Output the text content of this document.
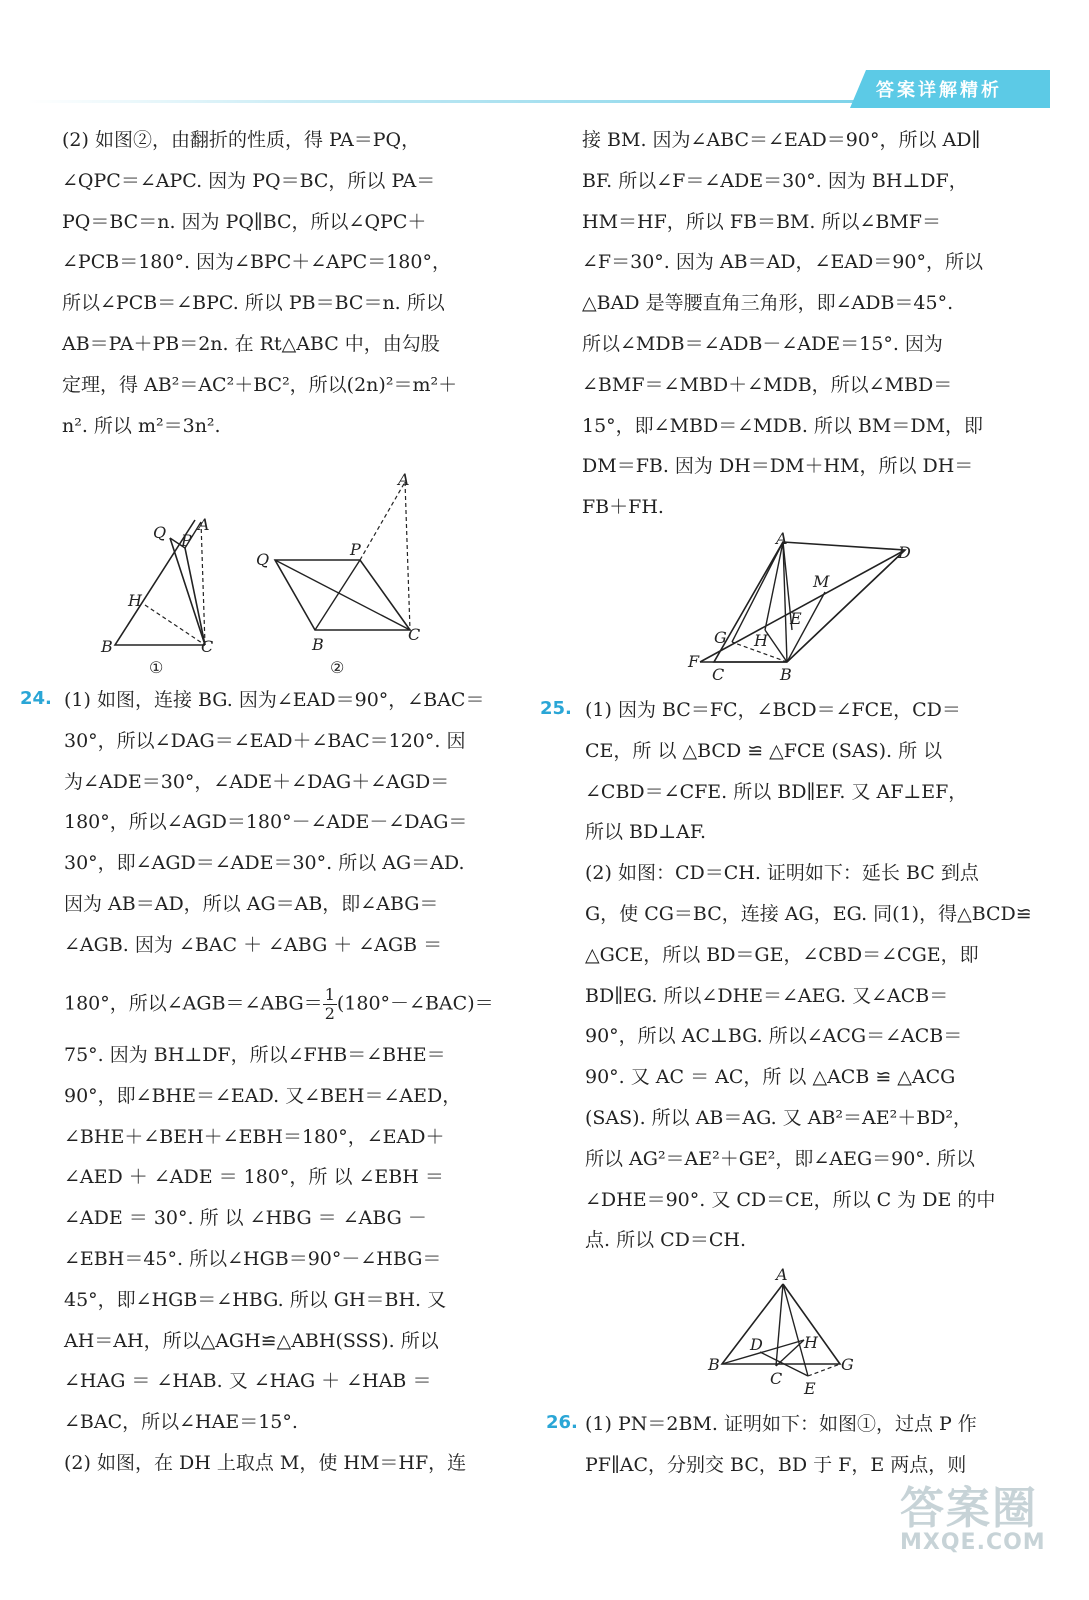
答案详解精析
(2) 如图②，由翻折的性质，得 PA＝PQ，
∠QPC＝∠APC. 因为 PQ＝BC，所以 PA＝
PQ＝BC＝n. 因为 PQ∥BC，所以∠QPC＋
∠PCB＝180°. 因为∠BPC＋∠APC＝180°，
所以∠PCB＝∠BPC. 所以 PB＝BC＝n. 所以
AB＝PA＋PB＝2n. 在 Rt△ABC 中，由勾股
定理，得 AB²＝AC²＋BC²，所以(2n)²＝m²＋
n². 所以 m²＝3n².
Q P
A
H
B	C
①
Q
P
A
B
C
②
24. (1) 如图，连接 BG. 因为∠EAD＝90°，∠BAC＝
30°，所以∠DAG＝∠EAD＋∠BAC＝120°. 因
为∠ADE＝30°，∠ADE＋∠DAG＋∠AGD＝
180°，所以∠AGD＝180°－∠ADE－∠DAG＝
30°，即∠AGD＝∠ADE＝30°. 所以 AG＝AD.
因为 AB＝AD，所以 AG＝AB，即∠ABG＝
∠AGB. 因为 ∠BAC ＋ ∠ABG ＋ ∠AGB ＝
180°，所以∠AGB＝∠ABG＝ $\frac{1}{2}$ (180°－∠BAC)＝
75°. 因为 BH⊥DF，所以∠FHB＝∠BHE＝
90°，即∠BHE＝∠EAD. 又∠BEH＝∠AED，
∠BHE＋∠BEH＋∠EBH＝180°，∠EAD＋
∠AED ＋ ∠ADE ＝ 180°，所 以 ∠EBH ＝
∠ADE ＝ 30°. 所 以 ∠HBG ＝ ∠ABG －
∠EBH＝45°. 所以∠HGB＝90°－∠HBG＝
45°，即∠HGB＝∠HBG. 所以 GH＝BH. 又
AH＝AH，所以△AGH≌△ABH(SSS). 所以
∠HAG ＝ ∠HAB. 又 ∠HAG ＋ ∠HAB ＝
∠BAC，所以∠HAE＝15°.
(2) 如图，在 DH 上取点 M，使 HM＝HF，连
接 BM. 因为∠ABC＝∠EAD＝90°，所以 AD∥
BF. 所以∠F＝∠ADE＝30°. 因为 BH⊥DF，
HM＝HF，所以 FB＝BM. 所以∠BMF＝
∠F＝30°. 因为 AB＝AD，∠EAD＝90°，所以
△BAD 是等腰直角三角形，即∠ADB＝45°.
所以∠MDB＝∠ADB－∠ADE＝15°. 因为
∠BMF＝∠MBD＋∠MDB，所以∠MBD＝
15°，即∠MBD＝∠MDB. 所以 BM＝DM，即
DM＝FB. 因为 DH＝DM＋HM，所以 DH＝
FB＋FH.
A
D
M
E
G H
F
C	B
25. (1) 因为 BC＝FC，∠BCD＝∠FCE，CD＝
CE，所 以 △BCD ≌ △FCE (SAS). 所 以
∠CBD＝∠CFE. 所以 BD∥EF. 又 AF⊥EF，
所以 BD⊥AF.
(2) 如图：CD＝CH. 证明如下：延长 BC 到点
G，使 CG＝BC，连接 AG，EG. 同(1)，得△BCD≌
△GCE，所以 BD＝GE，∠CBD＝∠CGE，即
BD∥EG. 所以∠DHE＝∠AEG. 又∠ACB＝
90°，所以 AC⊥BG. 所以∠ACG＝∠ACB＝
90°. 又 AC ＝ AC，所 以 △ACB ≌ △ACG
(SAS). 所以 AB＝AG. 又 AB²＝AE²＋BD²，
所以 AG²＝AE²＋GE²，即∠AEG＝90°. 所以
∠DHE＝90°. 又 CD＝CE，所以 C 为 DE 的中
点. 所以 CD＝CH.
A
D	H
B
C
E
G
26. (1) PN＝2BM. 证明如下：如图①，过点 P 作
PF∥AC，分别交 BC，BD 于 F，E 两点，则
答案圈
MXQE.COM
